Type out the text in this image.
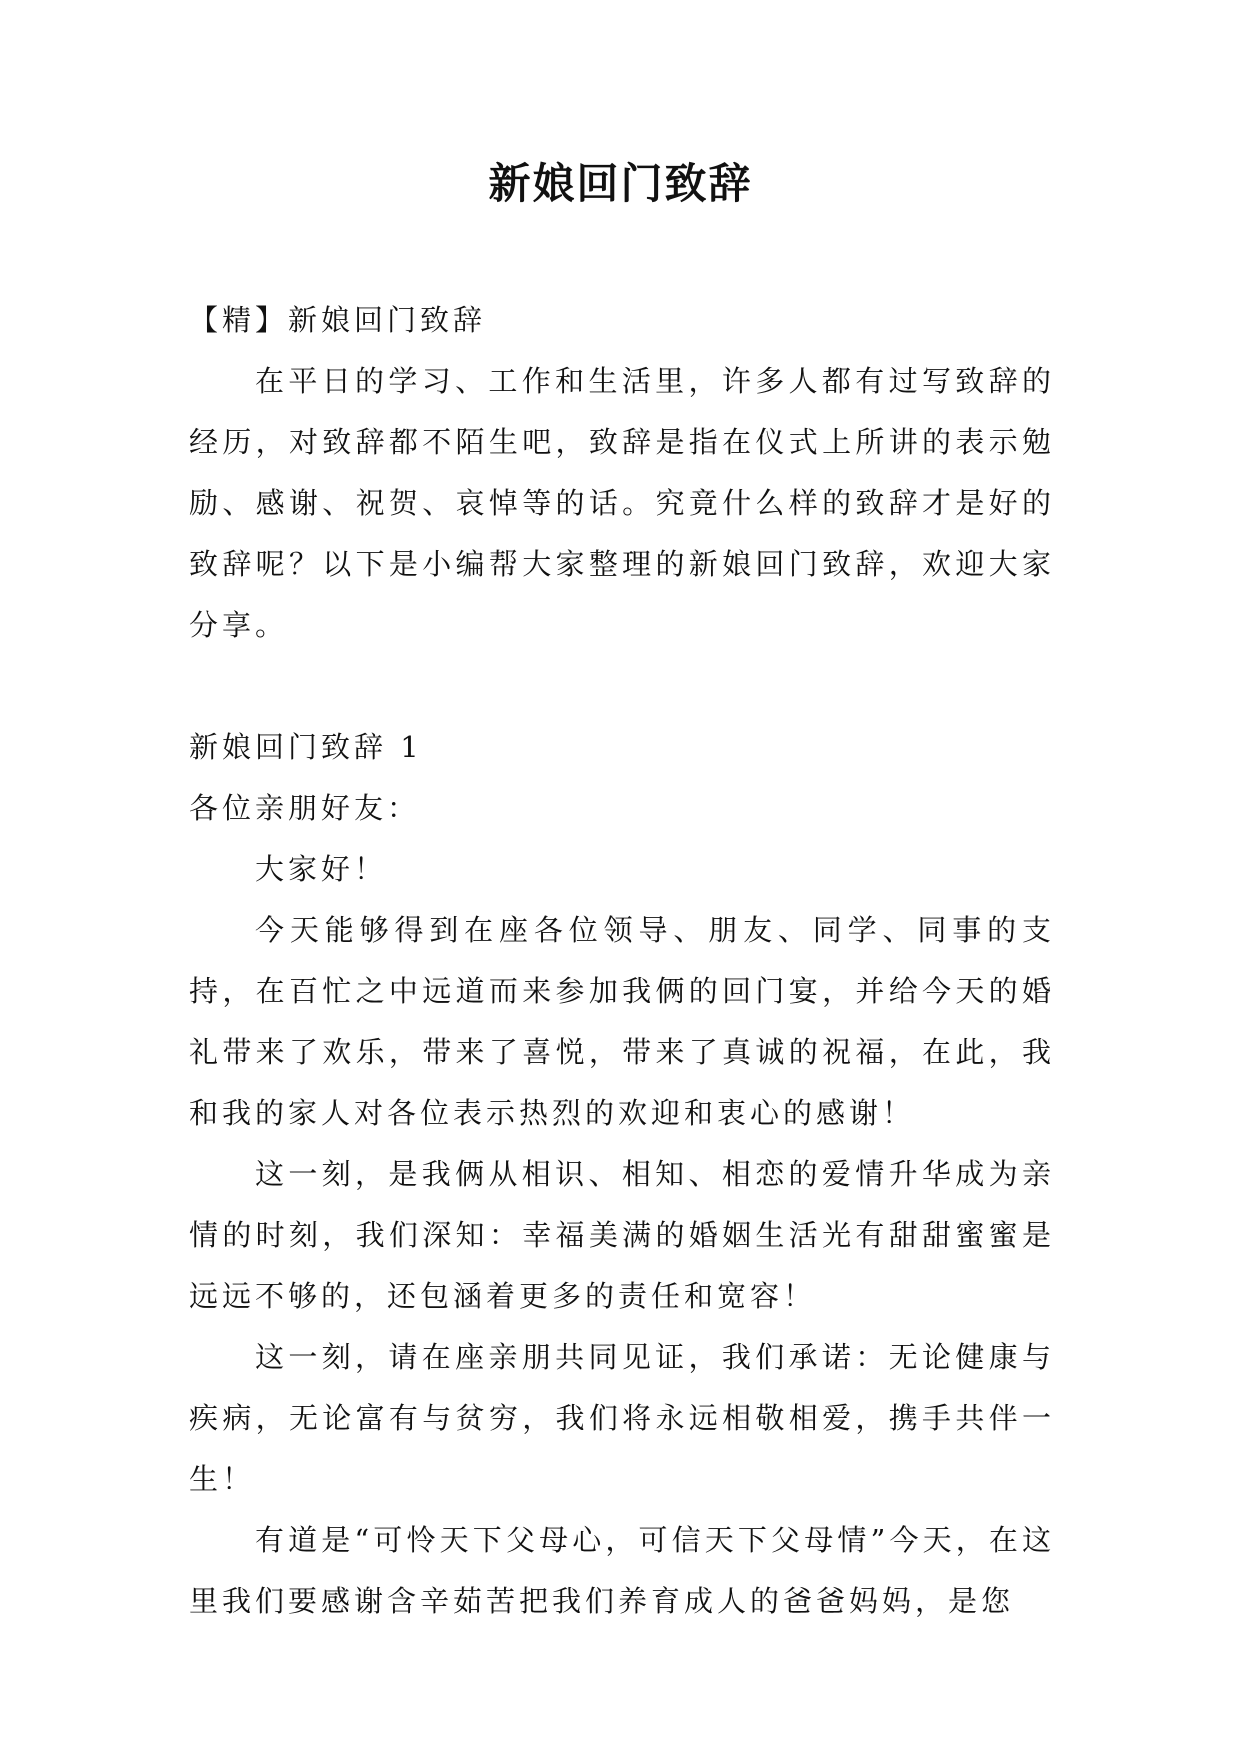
新娘回门致辞

【精】新娘回门致辞

在平日的学习、工作和生活里，许多人都有过写致辞的经历，对致辞都不陌生吧，致辞是指在仪式上所讲的表示勉励、感谢、祝贺、哀悼等的话。究竟什么样的致辞才是好的致辞呢？以下是小编帮大家整理的新娘回门致辞，欢迎大家分享。

新娘回门致辞 1

各位亲朋好友：

大家好！

今天能够得到在座各位领导、朋友、同学、同事的支持，在百忙之中远道而来参加我俩的回门宴，并给今天的婚礼带来了欢乐，带来了喜悦，带来了真诚的祝福，在此，我和我的家人对各位表示热烈的欢迎和衷心的感谢！

这一刻，是我俩从相识、相知、相恋的爱情升华成为亲情的时刻，我们深知：幸福美满的婚姻生活光有甜甜蜜蜜是远远不够的，还包涵着更多的责任和宽容！

这一刻，请在座亲朋共同见证，我们承诺：无论健康与疾病，无论富有与贫穷，我们将永远相敬相爱，携手共伴一生！

有道是“可怜天下父母心，可信天下父母情”今天，在这里我们要感谢含辛茹苦把我们养育成人的爸爸妈妈，是您
